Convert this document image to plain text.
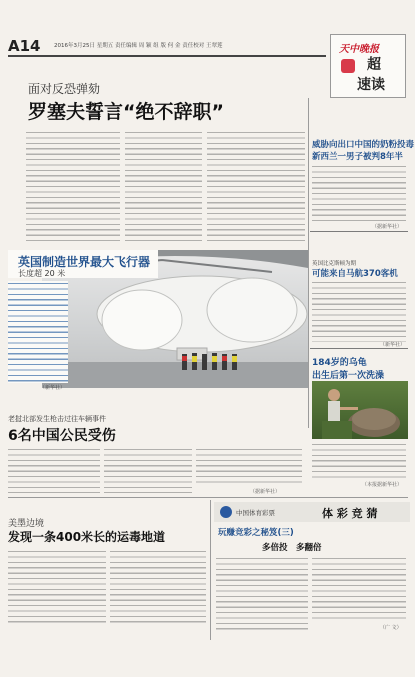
A14 2016年3月25日 星期五 责任编辑 周 颖 组 版 何 金 责任校对 王翠莲	天中晚报
超
速读
面对反恐弹劾
罗塞夫誓言“绝不辞职”
威胁向出口中国的奶粉投毒
新西兰一男子被判8年半
（据新华社）
英国制造世界最大飞行器
长度超 20 米
（新华社）
英国比克斯顿为期
可能来自马航370客机
（新华社）
184岁的乌龟
出生后第一次洗澡
（本报据新华社）
老挝北部发生枪击过往车辆事件
6名中国公民受伤
（据新华社）
美墨边境
发现一条400米长的运毒地道
中国体育彩票	体 彩 竞 猜
玩赚竞彩之秘笈(三)
多倍投　多翻倍
（广 文）
